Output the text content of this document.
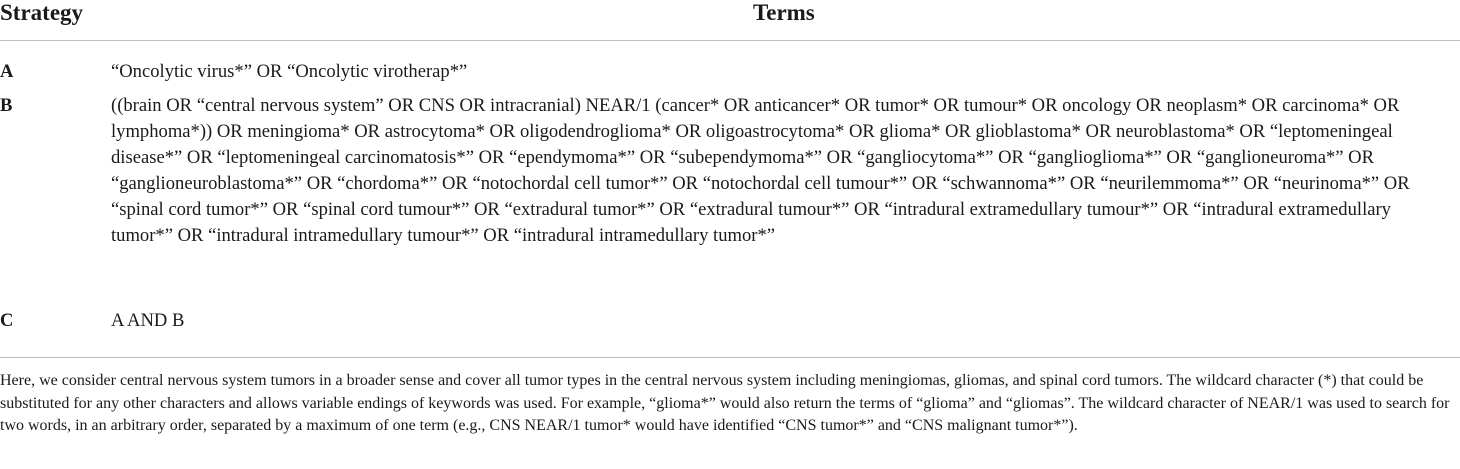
Strategy	Terms
A	“Oncolytic virus*” OR “Oncolytic virotherap*”
B	((brain OR “central nervous system” OR CNS OR intracranial) NEAR/1 (cancer* OR anticancer* OR tumor* OR tumour* OR oncology OR neoplasm* OR carcinoma* OR lymphoma*)) OR meningioma* OR astrocytoma* OR oligodendroglioma* OR oligoastrocytoma* OR glioma* OR glioblastoma* OR neuroblastoma* OR “leptomeningeal disease*” OR “leptomeningeal carcinomatosis*” OR “ependymoma*” OR “subependymoma*” OR “gangliocytoma*” OR “ganglioglioma*” OR “ganglioneuroma*” OR “ganglioneuroblastoma*” OR “chordoma*” OR “notochordal cell tumor*” OR “notochordal cell tumour*” OR “schwannoma*” OR “neurilemmoma*” OR “neurinoma*” OR “spinal cord tumor*” OR “spinal cord tumour*” OR “extradural tumor*” OR “extradural tumour*” OR “intradural extramedullary tumour*” OR “intradural extramedullary tumor*” OR “intradural intramedullary tumour*” OR “intradural intramedullary tumor*”
C	A AND B
Here, we consider central nervous system tumors in a broader sense and cover all tumor types in the central nervous system including meningiomas, gliomas, and spinal cord tumors. The wildcard character (*) that could be substituted for any other characters and allows variable endings of keywords was used. For example, “glioma*” would also return the terms of “glioma” and “gliomas”. The wildcard character of NEAR/1 was used to search for two words, in an arbitrary order, separated by a maximum of one term (e.g., CNS NEAR/1 tumor* would have identified “CNS tumor*” and “CNS malignant tumor*”).
